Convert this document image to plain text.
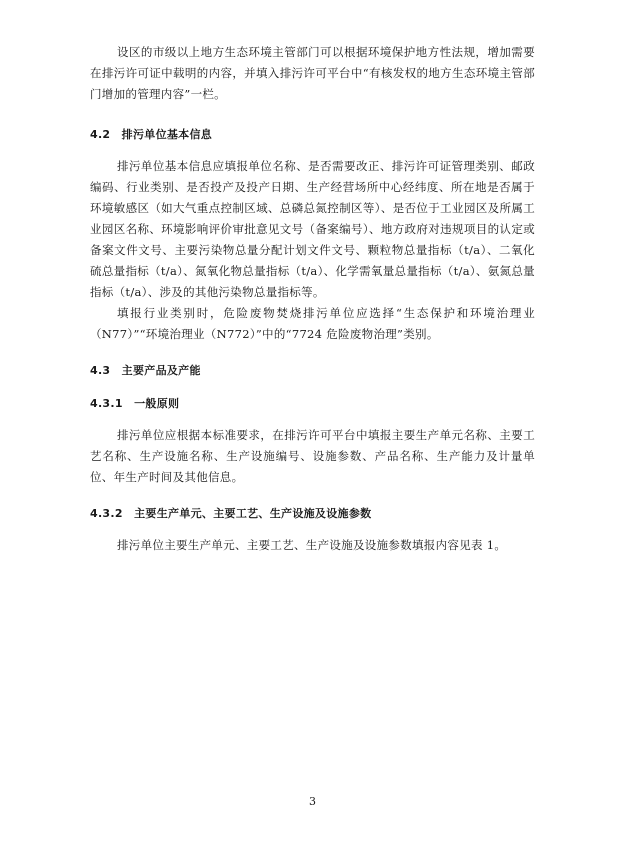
设区的市级以上地方生态环境主管部门可以根据环境保护地方性法规，增加需要在排污许可证中载明的内容，并填入排污许可平台中“有核发权的地方生态环境主管部门增加的管理内容”一栏。

4.2　排污单位基本信息

排污单位基本信息应填报单位名称、是否需要改正、排污许可证管理类别、邮政编码、行业类别、是否投产及投产日期、生产经营场所中心经纬度、所在地是否属于环境敏感区（如大气重点控制区域、总磷总氮控制区等）、是否位于工业园区及所属工业园区名称、环境影响评价审批意见文号（备案编号）、地方政府对违规项目的认定或备案文件文号、主要污染物总量分配计划文件文号、颗粒物总量指标（t/a）、二氧化硫总量指标（t/a）、氮氧化物总量指标（t/a）、化学需氧量总量指标（t/a）、氨氮总量指标（t/a）、涉及的其他污染物总量指标等。

填报行业类别时，危险废物焚烧排污单位应选择“生态保护和环境治理业（N77）”“环境治理业（N772）”中的“7724 危险废物治理”类别。

4.3　主要产品及产能
4.3.1　一般原则

排污单位应根据本标准要求，在排污许可平台中填报主要生产单元名称、主要工艺名称、生产设施名称、生产设施编号、设施参数、产品名称、生产能力及计量单位、年生产时间及其他信息。

4.3.2　主要生产单元、主要工艺、生产设施及设施参数

排污单位主要生产单元、主要工艺、生产设施及设施参数填报内容见表 1。

3
